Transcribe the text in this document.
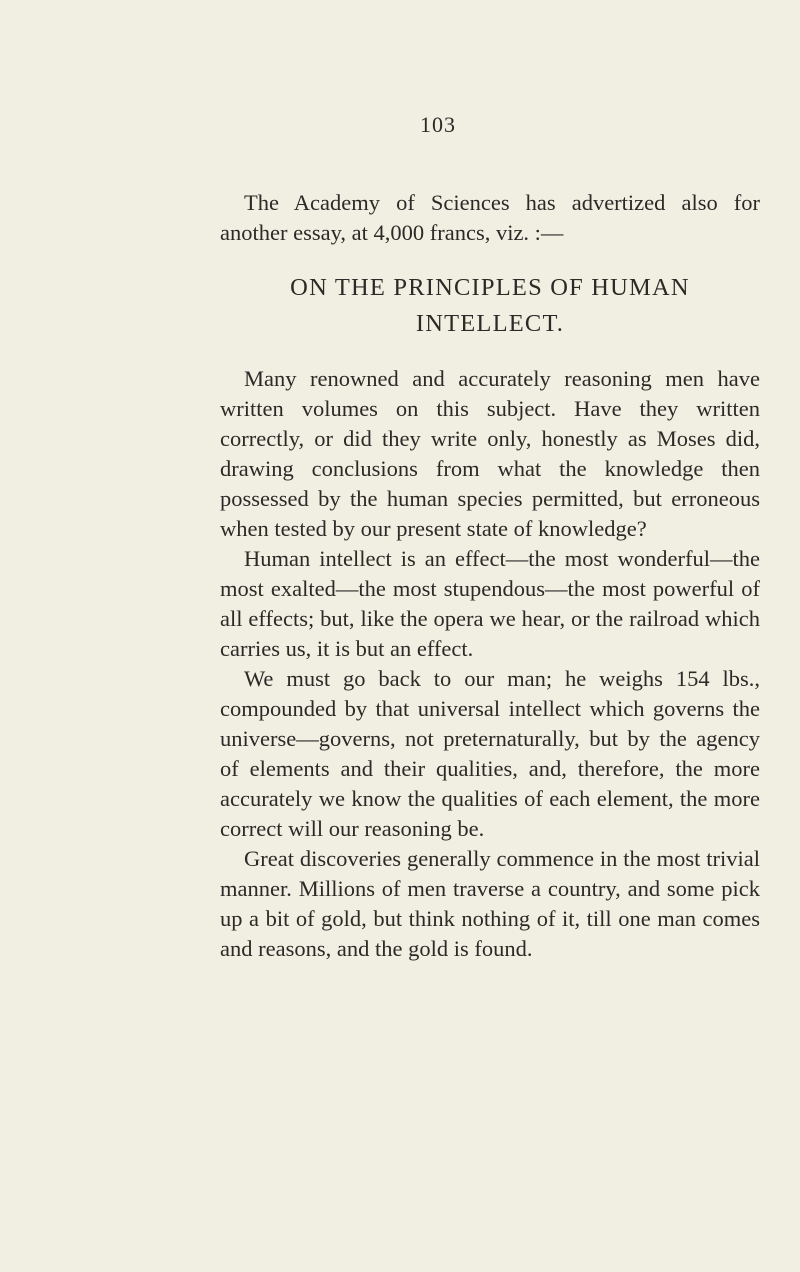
103

The Academy of Sciences has advertized also for another essay, at 4,000 francs, viz. :—

ON THE PRINCIPLES OF HUMAN
INTELLECT.

Many renowned and accurately reasoning men have written volumes on this subject. Have they written correctly, or did they write only, honestly as Moses did, drawing conclusions from what the knowledge then possessed by the human species permitted, but erroneous when tested by our present state of knowledge?

Human intellect is an effect—the most wonderful—the most exalted—the most stupendous—the most powerful of all effects; but, like the opera we hear, or the railroad which carries us, it is but an effect.

We must go back to our man; he weighs 154 lbs., compounded by that universal intellect which governs the universe—governs, not preternaturally, but by the agency of elements and their qualities, and, therefore, the more accurately we know the qualities of each element, the more correct will our reasoning be.

Great discoveries generally commence in the most trivial manner. Millions of men traverse a country, and some pick up a bit of gold, but think nothing of it, till one man comes and reasons, and the gold is found.
